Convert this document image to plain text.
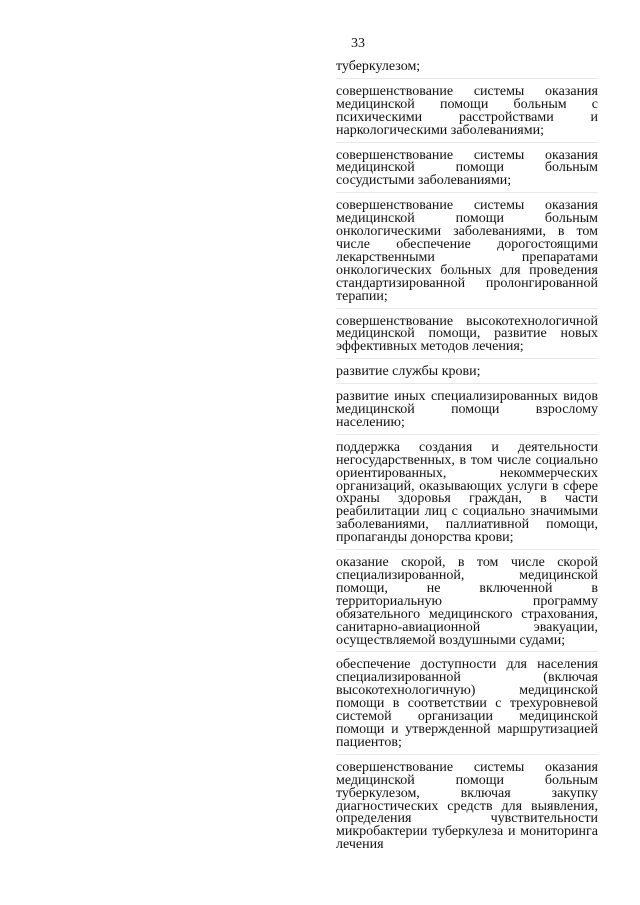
33

туберкулезом;

совершенствование системы оказания медицинской помощи больным с психическими расстройствами и наркологическими заболеваниями;

совершенствование системы оказания медицинской помощи больным сосудистыми заболеваниями;

совершенствование системы оказания медицинской помощи больным онкологическими заболеваниями, в том числе обеспечение дорогостоящими лекарственными препаратами онкологических больных для проведения стандартизированной пролонгированной терапии;

совершенствование высокотехнологичной медицинской помощи, развитие новых эффективных методов лечения;

развитие службы крови;

развитие иных специализированных видов медицинской помощи взрослому населению;

поддержка создания и деятельности негосударственных, в том числе социально ориентированных, некоммерческих организаций, оказывающих услуги в сфере охраны здоровья граждан, в части реабилитации лиц с социально значимыми заболеваниями, паллиативной помощи, пропаганды донорства крови;

оказание скорой, в том числе скорой специализированной, медицинской помощи, не включенной в территориальную программу обязательного медицинского страхования, санитарно-авиационной эвакуации, осуществляемой воздушными судами;

обеспечение доступности для населения специализированной (включая высокотехнологичную) медицинской помощи в соответствии с трехуровневой системой организации медицинской помощи и утвержденной маршрутизацией пациентов;

совершенствование системы оказания медицинской помощи больным туберкулезом, включая закупку диагностических средств для выявления, определения чувствительности микробактерии туберкулеза и мониторинга лечения
